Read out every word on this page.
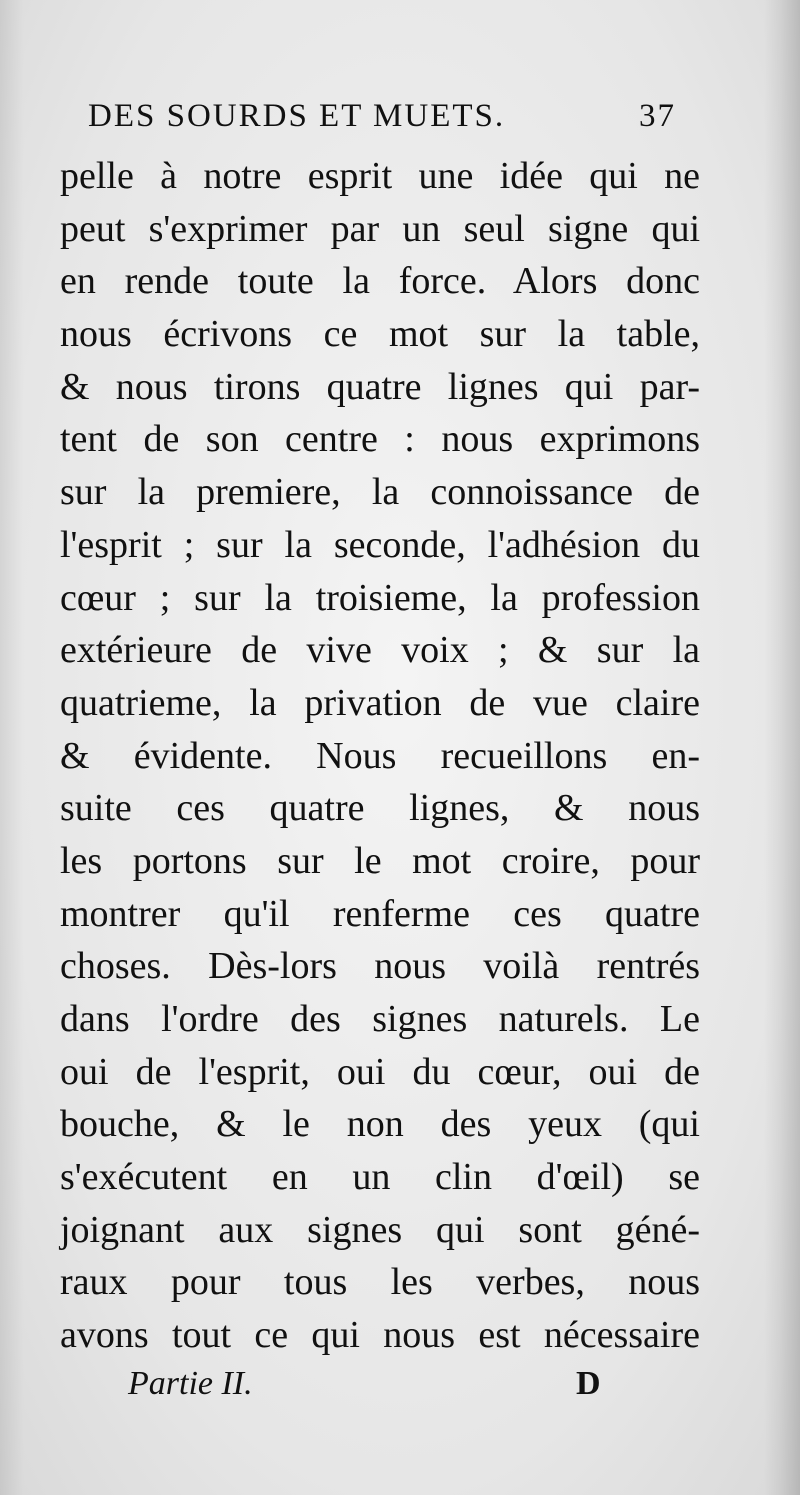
DES SOURDS ET MUETS.	37
pelle à notre esprit une idée qui ne
peut s'exprimer par un seul signe qui
en rende toute la force. Alors donc
nous écrivons ce mot sur la table,
& nous tirons quatre lignes qui par-
tent de son centre : nous exprimons
sur la premiere, la connoissance de
l'esprit ; sur la seconde, l'adhésion du
cœur ; sur la troisieme, la profession
extérieure de vive voix ; & sur la
quatrieme, la privation de vue claire
& évidente. Nous recueillons en-
suite ces quatre lignes, & nous
les portons sur le mot croire, pour
montrer qu'il renferme ces quatre
choses. Dès-lors nous voilà rentrés
dans l'ordre des signes naturels. Le
oui de l'esprit, oui du cœur, oui de
bouche, & le non des yeux (qui
s'exécutent en un clin d'œil) se
joignant aux signes qui sont géné-
raux pour tous les verbes, nous
avons tout ce qui nous est nécessaire
Partie II.	D
